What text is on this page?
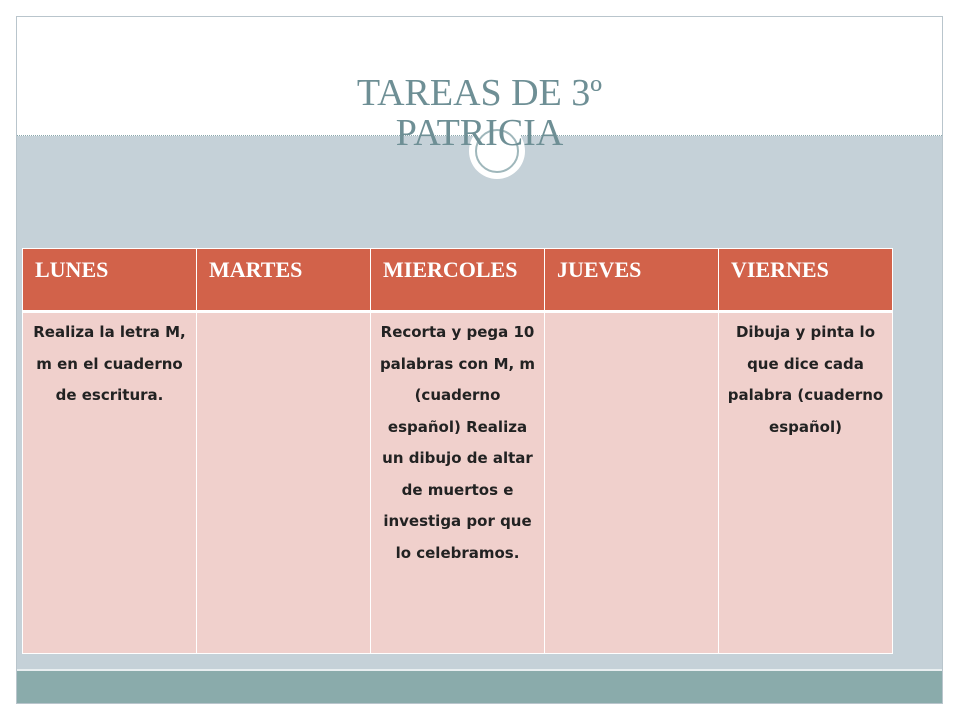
TAREAS DE 3º
PATRICIA
LUNES	MARTES	MIERCOLES	JUEVES	VIERNES
Realiza la letra M, m en el cuaderno de escritura.		Recorta y pega 10 palabras con M, m (cuaderno español) Realiza un dibujo de altar de muertos e investiga por que lo celebramos.		Dibuja y pinta lo que dice cada palabra (cuaderno español)
